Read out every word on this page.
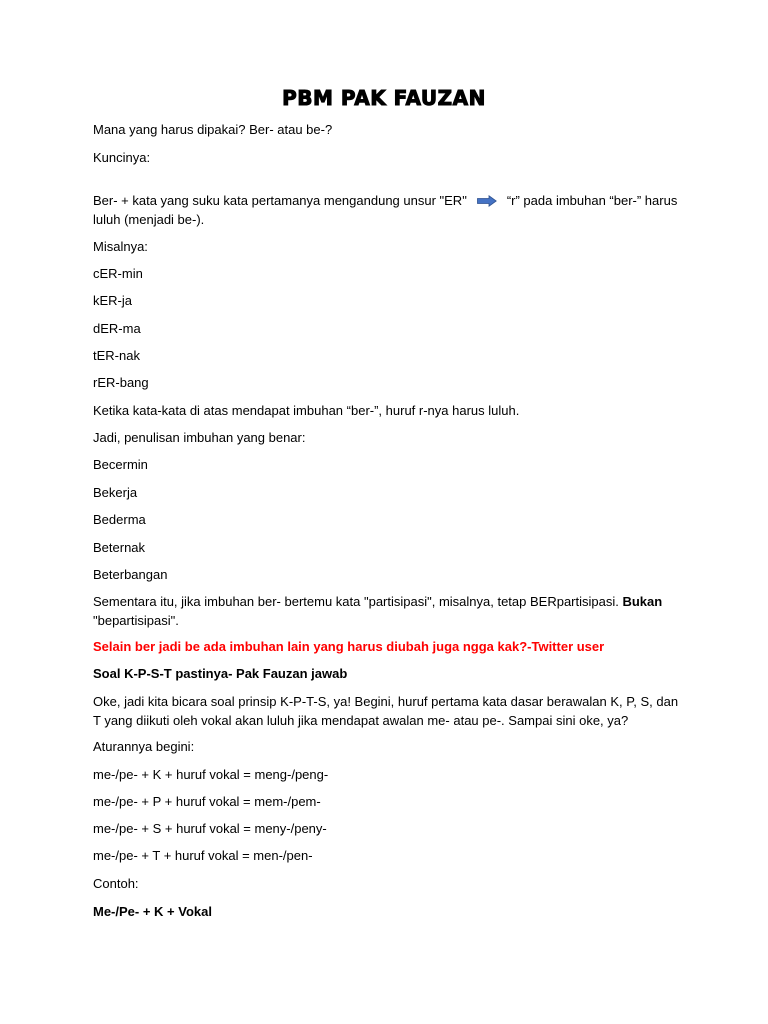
PBM PAK FAUZAN
Mana yang harus dipakai? Ber- atau be-?
Kuncinya:
Ber- + kata yang suku kata pertamanya mengandung unsur "ER"	“r” pada imbuhan “ber-” harus
luluh (menjadi be-).
Misalnya:
cER-min
kER-ja
dER-ma
tER-nak
rER-bang
Ketika kata-kata di atas mendapat imbuhan “ber-”, huruf r-nya harus luluh.
Jadi, penulisan imbuhan yang benar:
Becermin
Bekerja
Bederma
Beternak
Beterbangan
Sementara itu, jika imbuhan ber- bertemu kata "partisipasi", misalnya, tetap BERpartisipasi. Bukan
"bepartisipasi".
Selain ber jadi be ada imbuhan lain yang harus diubah juga ngga kak?-Twitter user
Soal K-P-S-T pastinya- Pak Fauzan jawab
Oke, jadi kita bicara soal prinsip K-P-T-S, ya! Begini, huruf pertama kata dasar berawalan K, P, S, dan
T yang diikuti oleh vokal akan luluh jika mendapat awalan me- atau pe-. Sampai sini oke, ya?
Aturannya begini:
me-/pe- + K + huruf vokal = meng-/peng-
me-/pe- + P + huruf vokal = mem-/pem-
me-/pe- + S + huruf vokal = meny-/peny-
me-/pe- + T + huruf vokal = men-/pen-
Contoh:
Me-/Pe- + K + Vokal
